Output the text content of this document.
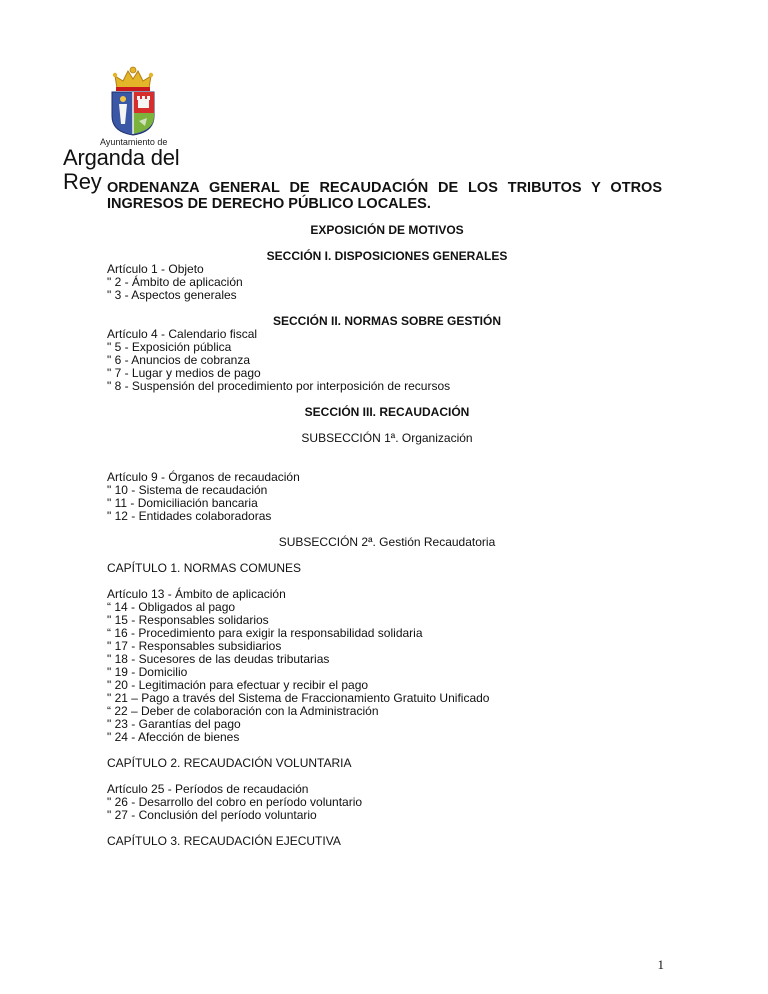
Ayuntamiento de
Arganda del Rey ORDENANZA GENERAL DE RECAUDACIÓN DE LOS TRIBUTOS Y OTROS INGRESOS DE DERECHO PÚBLICO LOCALES.
EXPOSICIÓN DE MOTIVOS
SECCIÓN I. DISPOSICIONES GENERALES
Artículo 1 - Objeto
" 2 - Ámbito de aplicación
" 3 - Aspectos generales
SECCIÓN II. NORMAS SOBRE GESTIÓN
Artículo 4 - Calendario fiscal
" 5 - Exposición pública
" 6 - Anuncios de cobranza
" 7 - Lugar y medios de pago
" 8 - Suspensión del procedimiento por interposición de recursos
SECCIÓN III. RECAUDACIÓN
SUBSECCIÓN 1ª. Organización
Artículo 9 - Órganos de recaudación
" 10 - Sistema de recaudación
" 11 - Domiciliación bancaria
" 12 - Entidades colaboradoras
SUBSECCIÓN 2ª. Gestión Recaudatoria
CAPÍTULO 1. NORMAS COMUNES
Artículo 13 - Ámbito de aplicación
“ 14 - Obligados al pago
" 15 - Responsables solidarios
“ 16 - Procedimiento para exigir la responsabilidad solidaria
" 17 - Responsables subsidiarios
" 18 - Sucesores de las deudas tributarias
" 19 - Domicilio
" 20 - Legitimación para efectuar y recibir el pago
" 21 – Pago a través del Sistema de Fraccionamiento Gratuito Unificado
“ 22 – Deber de colaboración con la Administración
" 23 - Garantías del pago
" 24 - Afección de bienes
CAPÍTULO 2. RECAUDACIÓN VOLUNTARIA
Artículo 25 - Períodos de recaudación
" 26 - Desarrollo del cobro en período voluntario
" 27 - Conclusión del período voluntario
CAPÍTULO 3. RECAUDACIÓN EJECUTIVA
1
